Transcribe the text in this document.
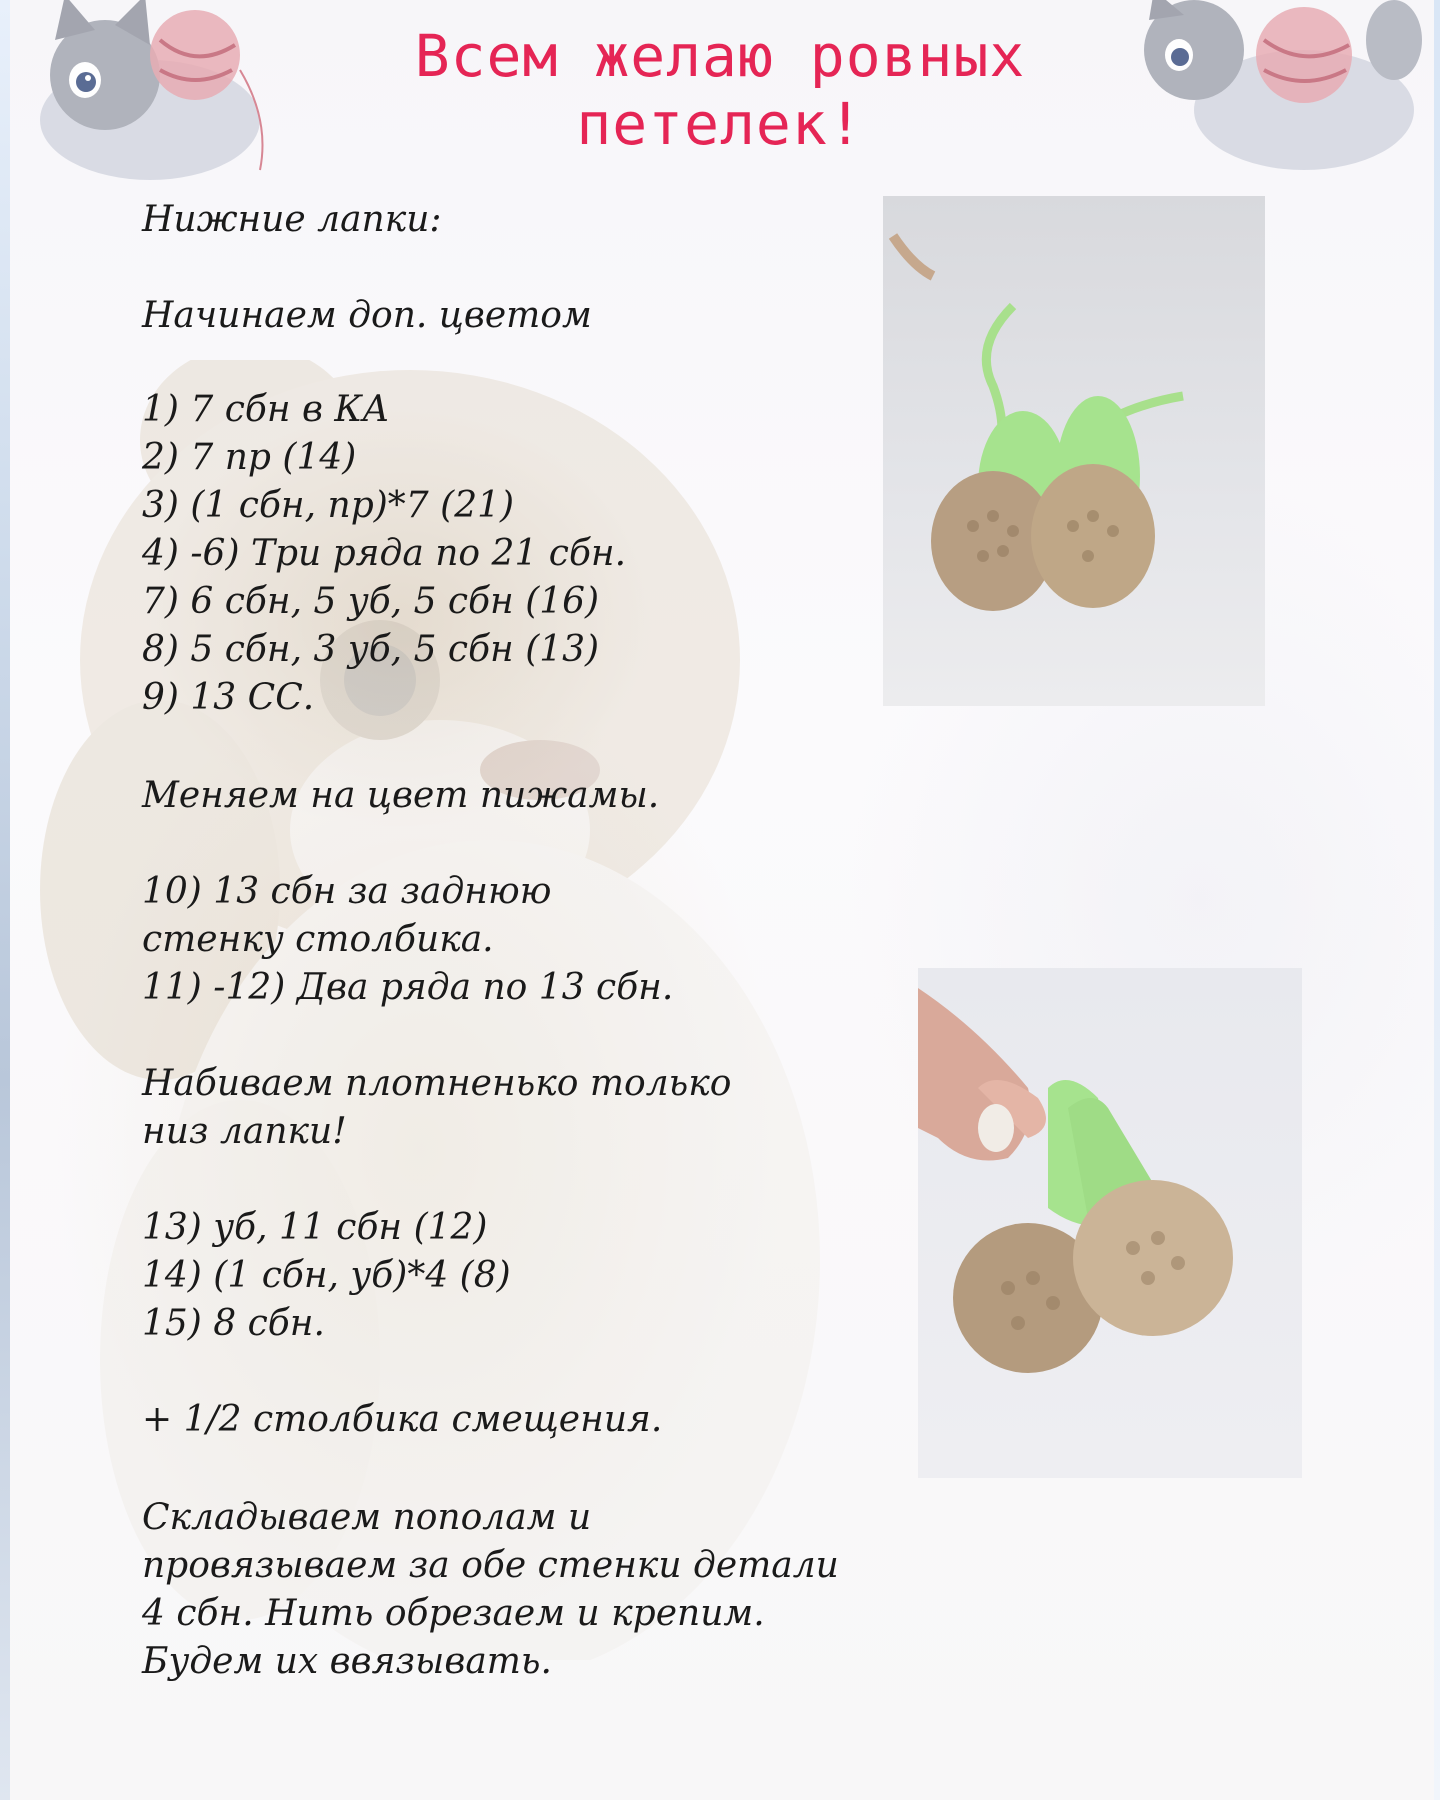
Всем желаю ровных петелек!
Нижние лапки:
Начинаем доп. цветом
1) 7 сбн в КА
2) 7 пр (14)
3) (1 сбн, пр)*7 (21)
4) -6) Три ряда по 21 сбн.
7) 6 сбн, 5 уб, 5 сбн (16)
8) 5 сбн, 3 уб, 5 сбн (13)
9) 13 СС.
Меняем на цвет пижамы.
10) 13 сбн за заднюю стенку столбика.
11) -12) Два ряда по 13 сбн.
Набиваем плотненько только низ лапки!
13) уб, 11 сбн (12)
14) (1 сбн, уб)*4 (8)
15) 8 сбн.
+ 1/2 столбика смещения.
Складываем пополам и провязываем за обе стенки детали 4 сбн. Нить обрезаем и крепим. Будем их ввязывать.
